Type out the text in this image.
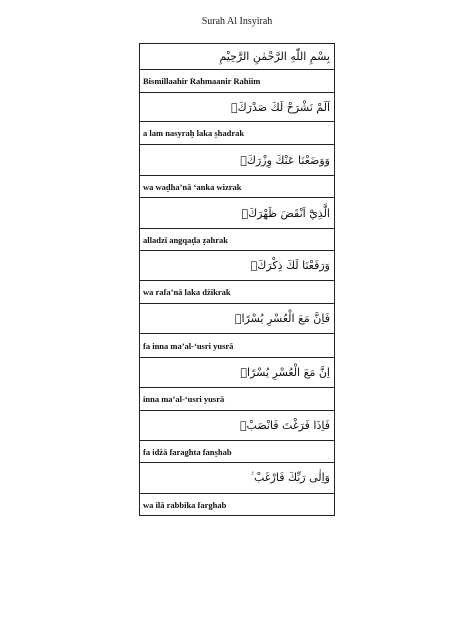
Surah Al Insyirah
بِسْمِ اللّٰهِ الرَّحْمٰنِ الرَّحِيْمِ
Bismillaahir Rahmaanir Rahiim
اَلَمْ نَشْرَحْ لَكَ صَدْرَكَۙ
a lam nasyraḥ laka ṣhadrak
وَوَضَعْنَا عَنْكَ وِزْرَكَۙ
wa waḍha’nā ‘anka wizrak
الَّذِيْٓ اَنْقَضَ ظَهْرَكَۙ
alladzī angqaḍa ẓahrak
وَرَفَعْنَا لَكَ ذِكْرَكَۗ
wa rafa’nā laka dżikrak
فَاِنَّ مَعَ الْعُسْرِ يُسْرًاۙ
fa inna ma’al-‘usri yusrā
اِنَّ مَعَ الْعُسْرِ يُسْرًاۗ
inna ma’al-‘usri yusrā
فَاِذَا فَرَغْتَ فَانْصَبْۙ
fa idżā faraghta fanṣhab
وَاِلٰى رَبِّكَ فَارْغَبْ ࣖ
wa ilā rabbika farghab
